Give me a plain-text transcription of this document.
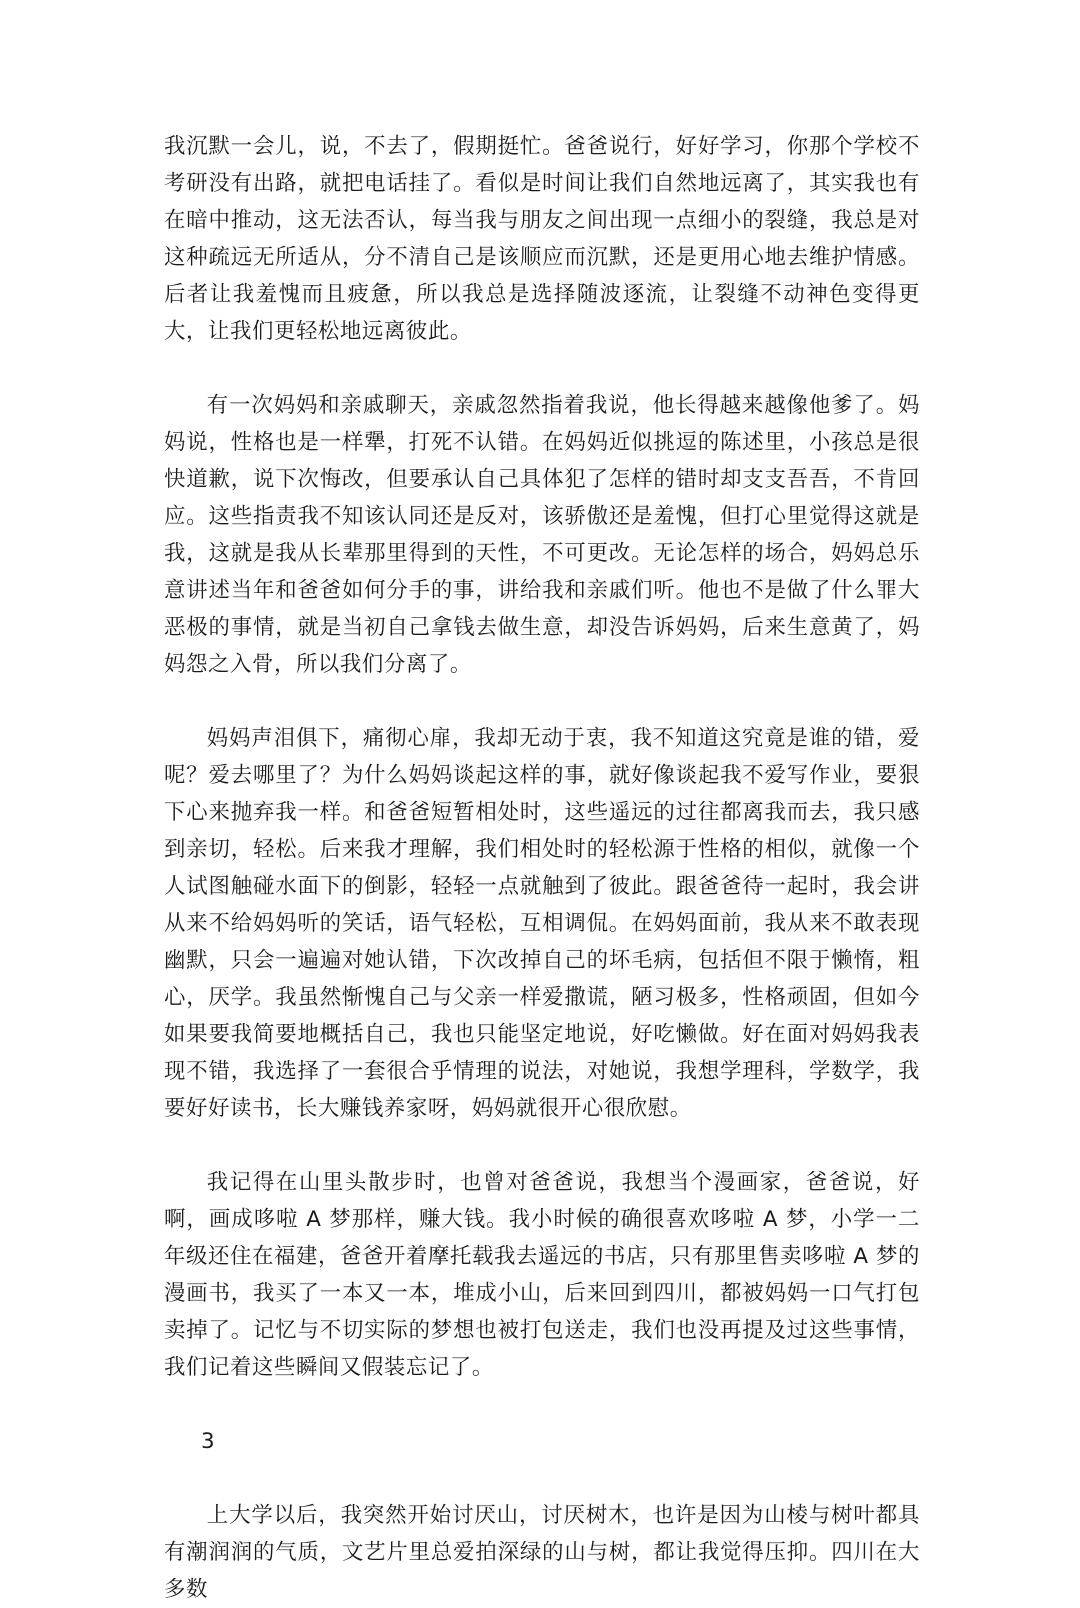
我沉默一会儿，说，不去了，假期挺忙。爸爸说行，好好学习，你那个学校不考研没有出路，就把电话挂了。看似是时间让我们自然地远离了，其实我也有在暗中推动，这无法否认，每当我与朋友之间出现一点细小的裂缝，我总是对这种疏远无所适从，分不清自己是该顺应而沉默，还是更用心地去维护情感。后者让我羞愧而且疲惫，所以我总是选择随波逐流，让裂缝不动神色变得更大，让我们更轻松地远离彼此。

有一次妈妈和亲戚聊天，亲戚忽然指着我说，他长得越来越像他爹了。妈妈说，性格也是一样犟，打死不认错。在妈妈近似挑逗的陈述里，小孩总是很快道歉，说下次悔改，但要承认自己具体犯了怎样的错时却支支吾吾，不肯回应。这些指责我不知该认同还是反对，该骄傲还是羞愧，但打心里觉得这就是我，这就是我从长辈那里得到的天性，不可更改。无论怎样的场合，妈妈总乐意讲述当年和爸爸如何分手的事，讲给我和亲戚们听。他也不是做了什么罪大恶极的事情，就是当初自己拿钱去做生意，却没告诉妈妈，后来生意黄了，妈妈怨之入骨，所以我们分离了。

妈妈声泪俱下，痛彻心扉，我却无动于衷，我不知道这究竟是谁的错，爱呢？爱去哪里了？为什么妈妈谈起这样的事，就好像谈起我不爱写作业，要狠下心来抛弃我一样。和爸爸短暂相处时，这些遥远的过往都离我而去，我只感到亲切，轻松。后来我才理解，我们相处时的轻松源于性格的相似，就像一个人试图触碰水面下的倒影，轻轻一点就触到了彼此。跟爸爸待一起时，我会讲从来不给妈妈听的笑话，语气轻松，互相调侃。在妈妈面前，我从来不敢表现幽默，只会一遍遍对她认错，下次改掉自己的坏毛病，包括但不限于懒惰，粗心，厌学。我虽然惭愧自己与父亲一样爱撒谎，陋习极多，性格顽固，但如今如果要我简要地概括自己，我也只能坚定地说，好吃懒做。好在面对妈妈我表现不错，我选择了一套很合乎情理的说法，对她说，我想学理科，学数学，我要好好读书，长大赚钱养家呀，妈妈就很开心很欣慰。

我记得在山里头散步时，也曾对爸爸说，我想当个漫画家，爸爸说，好啊，画成哆啦 A 梦那样，赚大钱。我小时候的确很喜欢哆啦 A 梦，小学一二年级还住在福建，爸爸开着摩托载我去遥远的书店，只有那里售卖哆啦 A 梦的漫画书，我买了一本又一本，堆成小山，后来回到四川，都被妈妈一口气打包卖掉了。记忆与不切实际的梦想也被打包送走，我们也没再提及过这些事情，我们记着这些瞬间又假装忘记了。

3

上大学以后，我突然开始讨厌山，讨厌树木，也许是因为山棱与树叶都具有潮润润的气质，文艺片里总爱拍深绿的山与树，都让我觉得压抑。四川在大多数
